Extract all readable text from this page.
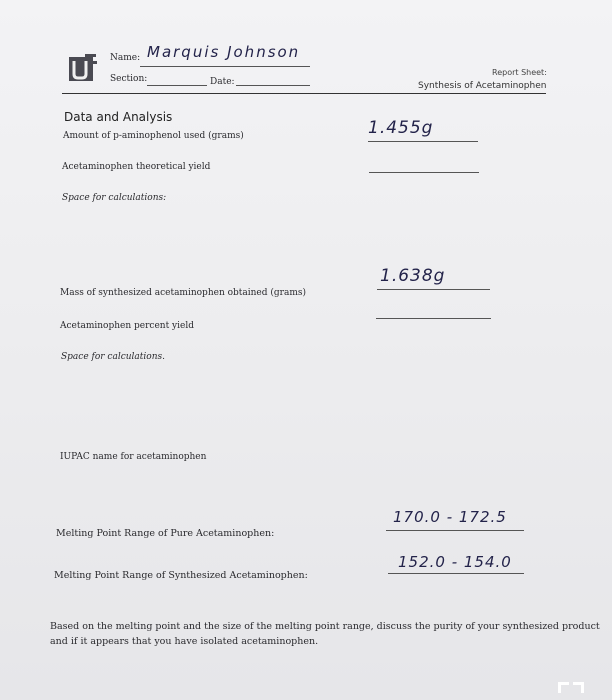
Name: Marquis Johnson
Section:	Date:
Report Sheet:
Synthesis of Acetaminophen
Data and Analysis
Amount of p-aminophenol used (grams)	1.455g
Acetaminophen theoretical yield
Space for calculations:
Mass of synthesized acetaminophen obtained (grams)
1.638g
Acetaminophen percent yield
Space for calculations.
IUPAC name for acetaminophen
Melting Point Range of Pure Acetaminophen:
170.0 - 172.5
Melting Point Range of Synthesized Acetaminophen:
152.0 - 154.0
Based on the melting point and the size of the melting point range, discuss the purity of your synthesized product
and if it appears that you have isolated acetaminophen.
